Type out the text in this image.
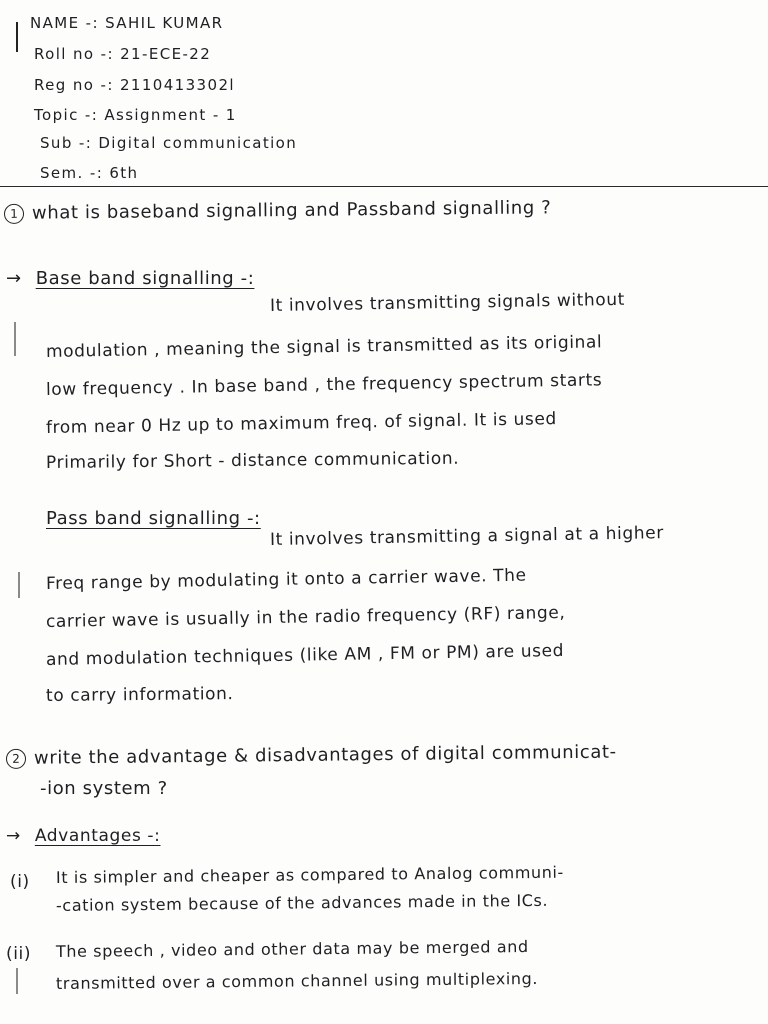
NAME -: SAHIL KUMAR
Roll no -: 21-ECE-22
Reg no -: 2110413302l
Topic -: Assignment - 1
Sub -: Digital communication
Sem. -: 6th
1 what is baseband signalling and Passband signalling ?
→ Base band signalling -:
It involves transmitting signals without
modulation , meaning the signal is transmitted as its original
low frequency . In base band , the frequency spectrum starts
from near 0 Hz up to maximum freq. of signal. It is used
Primarily for Short - distance communication.
Pass band signalling -:
It involves transmitting a signal at a higher
Freq range by modulating it onto a carrier wave. The
carrier wave is usually in the radio frequency (RF) range,
and modulation techniques (like AM , FM or PM) are used
to carry information.
2 write the advantage & disadvantages of digital communicat-
-ion system ?
→ Advantages -:
(i) It is simpler and cheaper as compared to Analog communi-
-cation system because of the advances made in the ICs.
(ii) The speech , video and other data may be merged and
transmitted over a common channel using multiplexing.
